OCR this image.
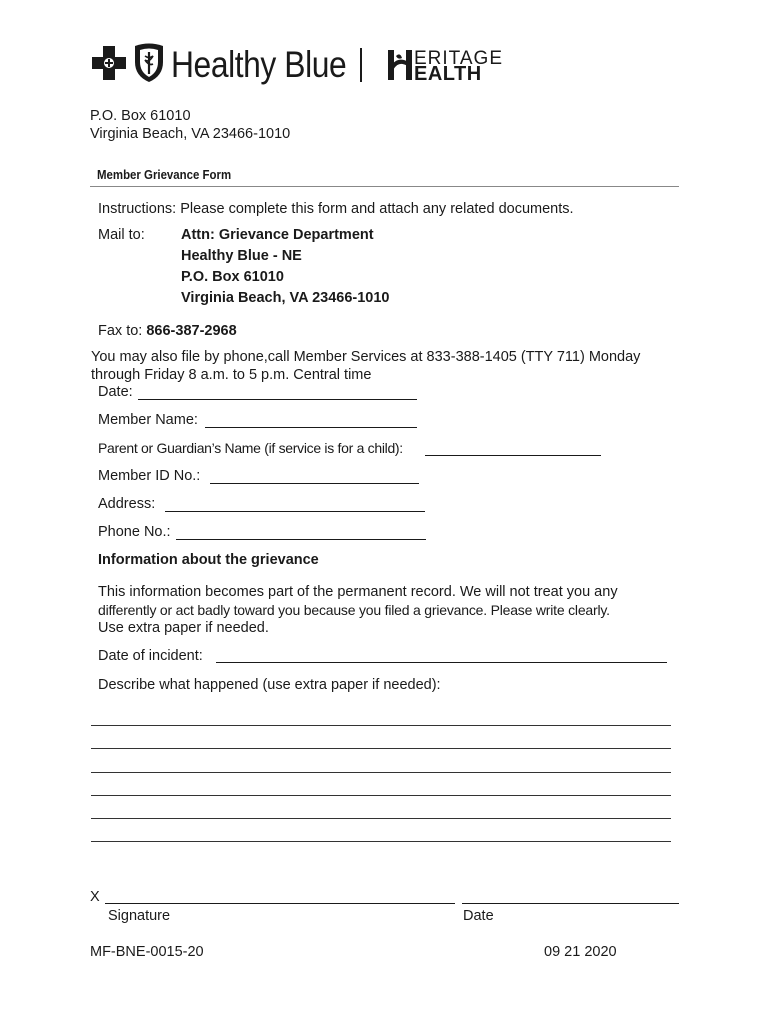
Healthy Blue	ERITAGE
EALTH
P.O. Box 61010
Virginia Beach, VA 23466-1010
Member Grievance Form
Instructions: Please complete this form and attach any related documents.
Mail to:	Attn: Grievance Department
Healthy Blue - NE
P.O. Box 61010
Virginia Beach, VA 23466-1010
Fax to: 866-387-2968
You may also file by phone,call Member Services at 833-388-1405 (TTY 711) Monday
through Friday 8 a.m. to 5 p.m. Central time
Date:
Member Name:
Parent or Guardian’s Name (if service is for a child):
Member ID No.:
Address:
Phone No.:
Information about the grievance
This information becomes part of the permanent record. We will not treat you any
differently or act badly toward you because you filed a grievance. Please write clearly.
Use extra paper if needed.
Date of incident:
Describe what happened (use extra paper if needed):
X
Signature	Date
MF-BNE-0015-20	09 21 2020
